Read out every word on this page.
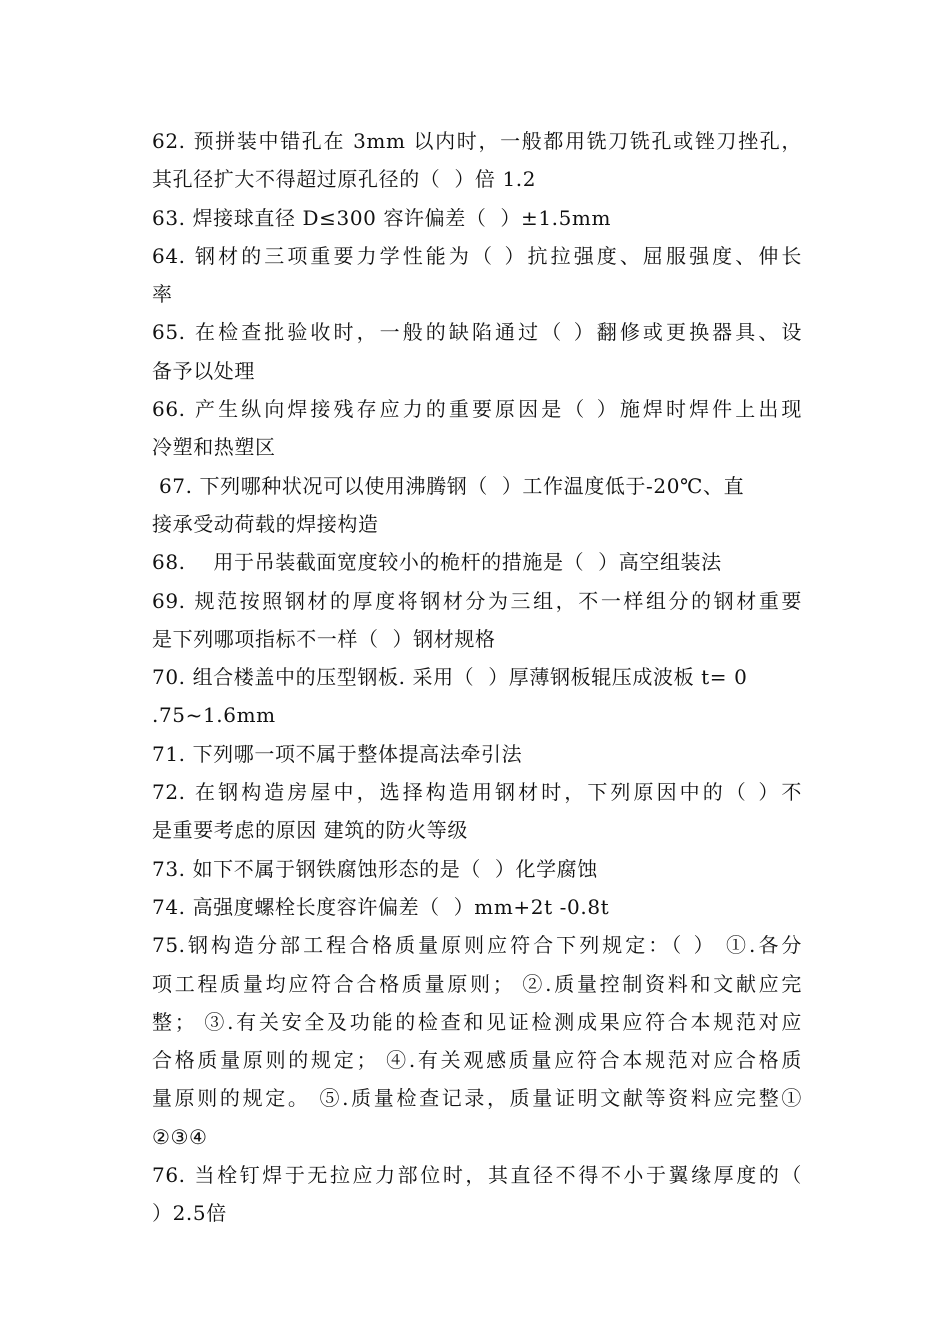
62. 预拼装中错孔在 3mm 以内时，一般都用铣刀铣孔或锉刀挫孔，
其孔径扩大不得超过原孔径的（  ）倍 1.2
63. 焊接球直径 D≤300 容许偏差（  ）±1.5mm
64. 钢材的三项重要力学性能为（ ）抗拉强度、屈服强度、伸长
率
65. 在检查批验收时，一般的缺陷通过（ ）翻修或更换器具、设
备予以处理
66. 产生纵向焊接残存应力的重要原因是（ ）施焊时焊件上出现
冷塑和热塑区
67. 下列哪种状况可以使用沸腾钢（  ）工作温度低于-20℃、直
接承受动荷载的焊接构造
68.    用于吊装截面宽度较小的桅杆的措施是（  ）高空组装法
69. 规范按照钢材的厚度将钢材分为三组，不一样组分的钢材重要
是下列哪项指标不一样（  ）钢材规格
70. 组合楼盖中的压型钢板. 采用（  ）厚薄钢板辊压成波板 t= 0
.75~1.6mm
71. 下列哪一项不属于整体提高法牵引法
72. 在钢构造房屋中，选择构造用钢材时，下列原因中的（ ）不
是重要考虑的原因 建筑的防火等级
73. 如下不属于钢铁腐蚀形态的是（  ）化学腐蚀
74. 高强度螺栓长度容许偏差（  ）mm+2t -0.8t
75.钢构造分部工程合格质量原则应符合下列规定：（ ） ①.各分
项工程质量均应符合合格质量原则； ②.质量控制资料和文献应完
整； ③.有关安全及功能的检查和见证检测成果应符合本规范对应
合格质量原则的规定； ④.有关观感质量应符合本规范对应合格质
量原则的规定。 ⑤.质量检查记录，质量证明文献等资料应完整①
②③④
76. 当栓钉焊于无拉应力部位时，其直径不得不小于翼缘厚度的（
）2.5倍
